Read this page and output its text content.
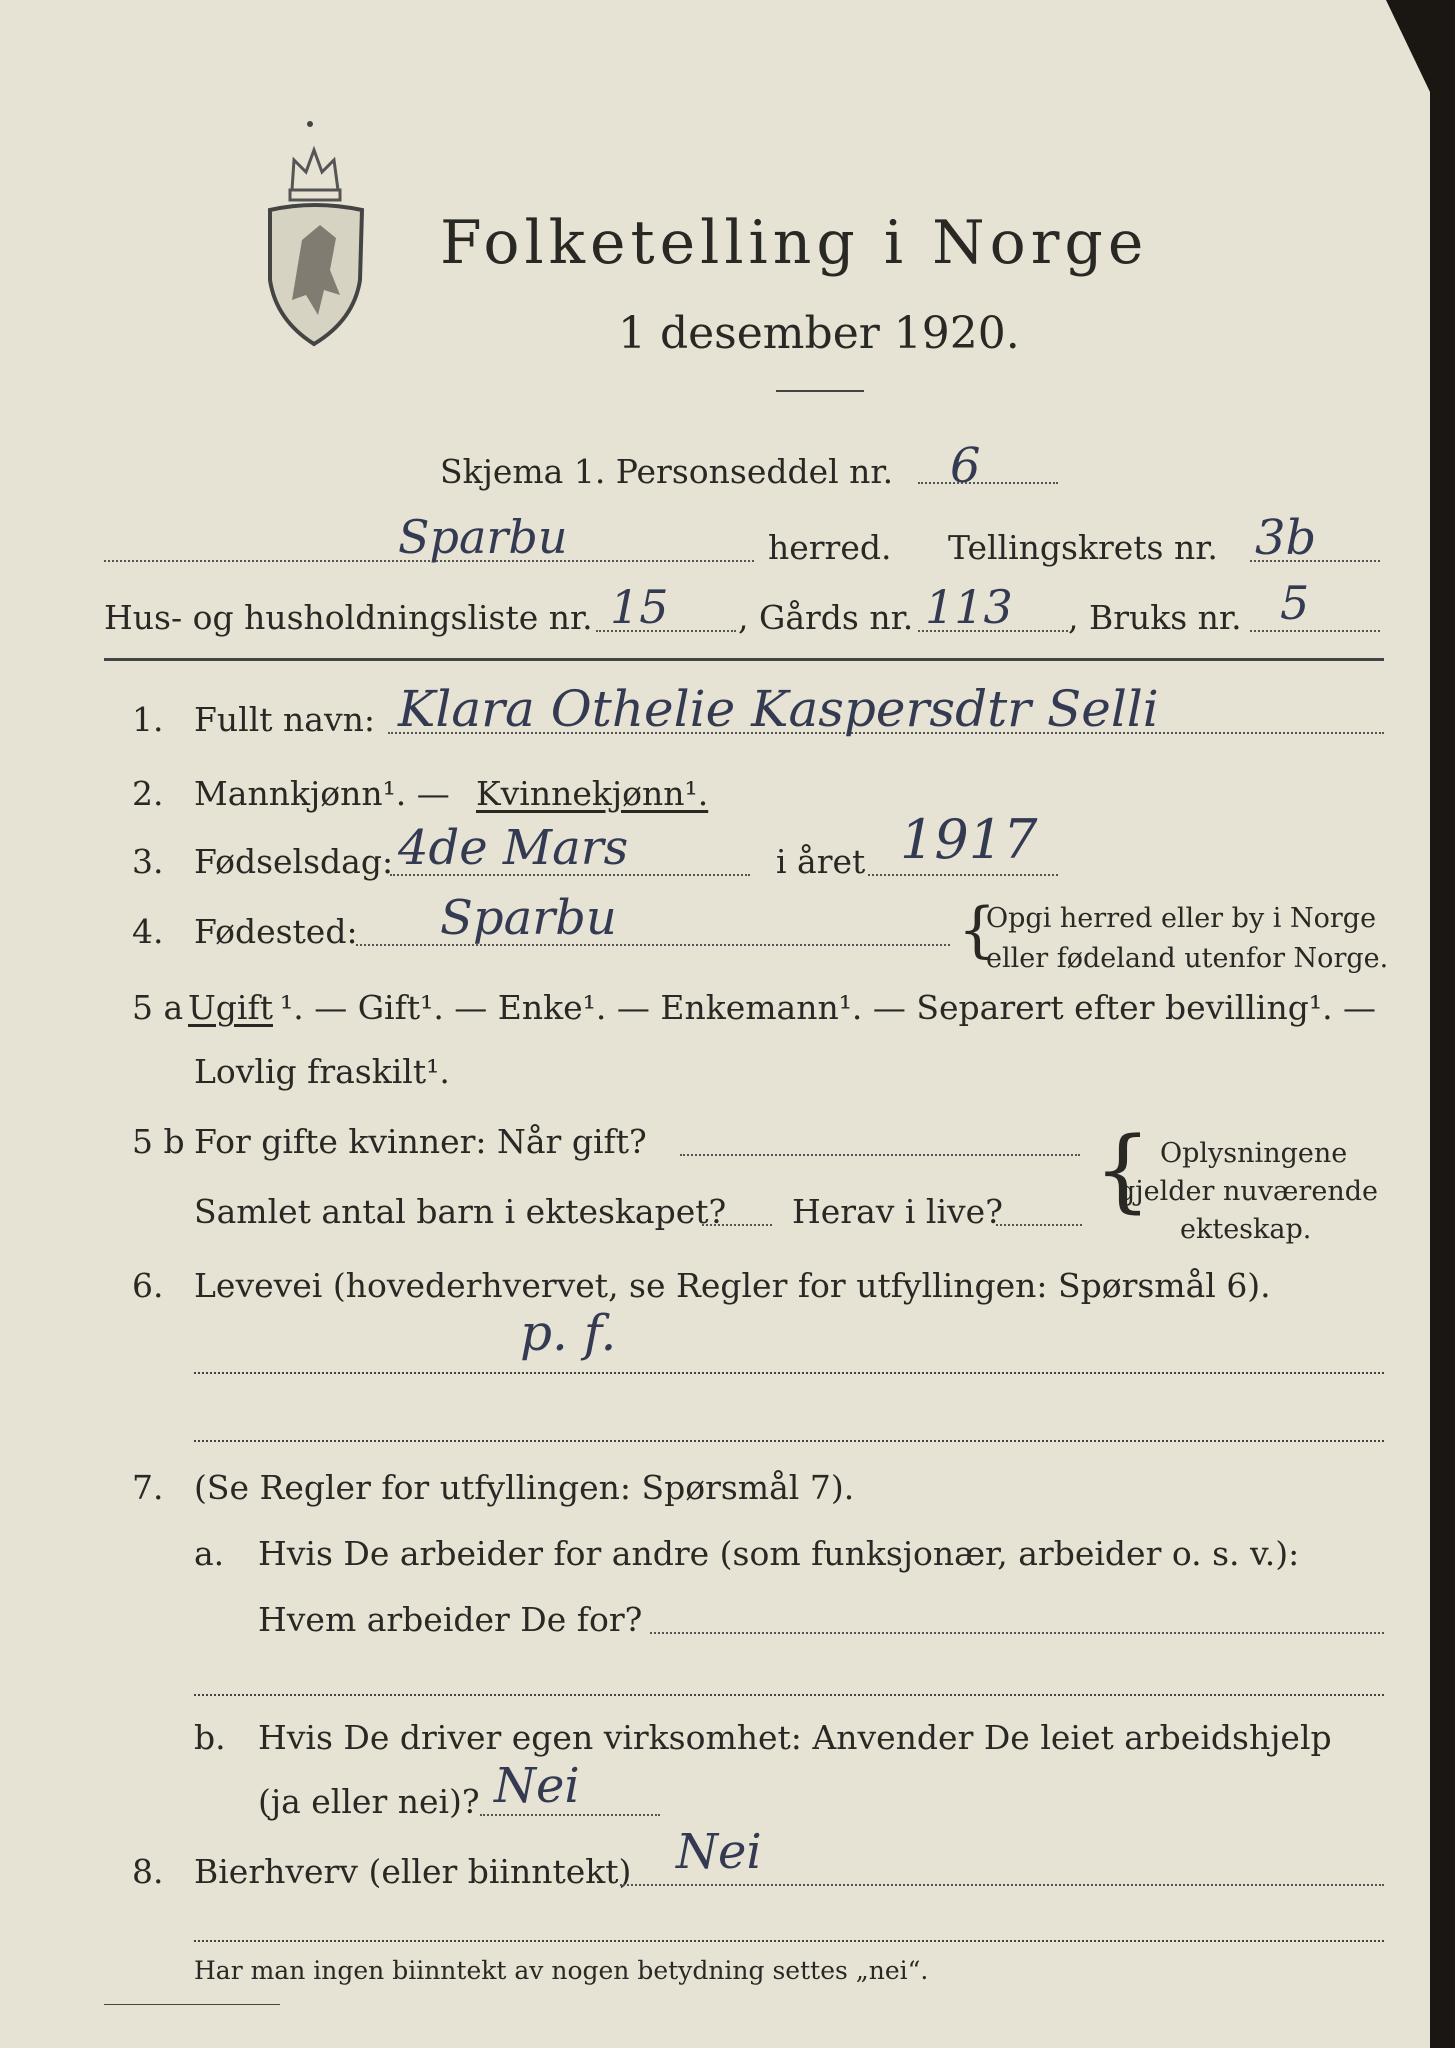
Folketelling i Norge
1 desember 1920.
Skjema 1. Personseddel nr. 6
Sparbu	herred. Tellingskrets nr. 3b
Hus- og husholdningsliste nr. 15 , Gårds nr. 113 , Bruks nr. 5
1. Fullt navn: Klara Othelie Kaspersdtr Selli
2. Mannkjønn¹. — Kvinnekjønn¹.
3. Fødselsdag: 4de Mars	i året 1917
4. Fødested: Sparbu	{
Opgi herred eller by i Norge
eller fødeland utenfor Norge.
5 a Ugift ¹. — Gift¹. — Enke¹. — Enkemann¹. — Separert efter bevilling¹. —
Lovlig fraskilt¹.
5 b For gifte kvinner: Når gift?
Samlet antal barn i ekteskapet? Herav i live? { Oplysningene
gjelder nuværende
ekteskap.
6. Levevei (hovederhvervet, se Regler for utfyllingen: Spørsmål 6).
p. f.
7. (Se Regler for utfyllingen: Spørsmål 7).
a. Hvis De arbeider for andre (som funksjonær, arbeider o. s. v.):
Hvem arbeider De for?
b. Hvis De driver egen virksomhet: Anvender De leiet arbeidshjelp
(ja eller nei)? Nei
8. Bierhverv (eller biinntekt) Nei
Har man ingen biinntekt av nogen betydning settes „nei“.
